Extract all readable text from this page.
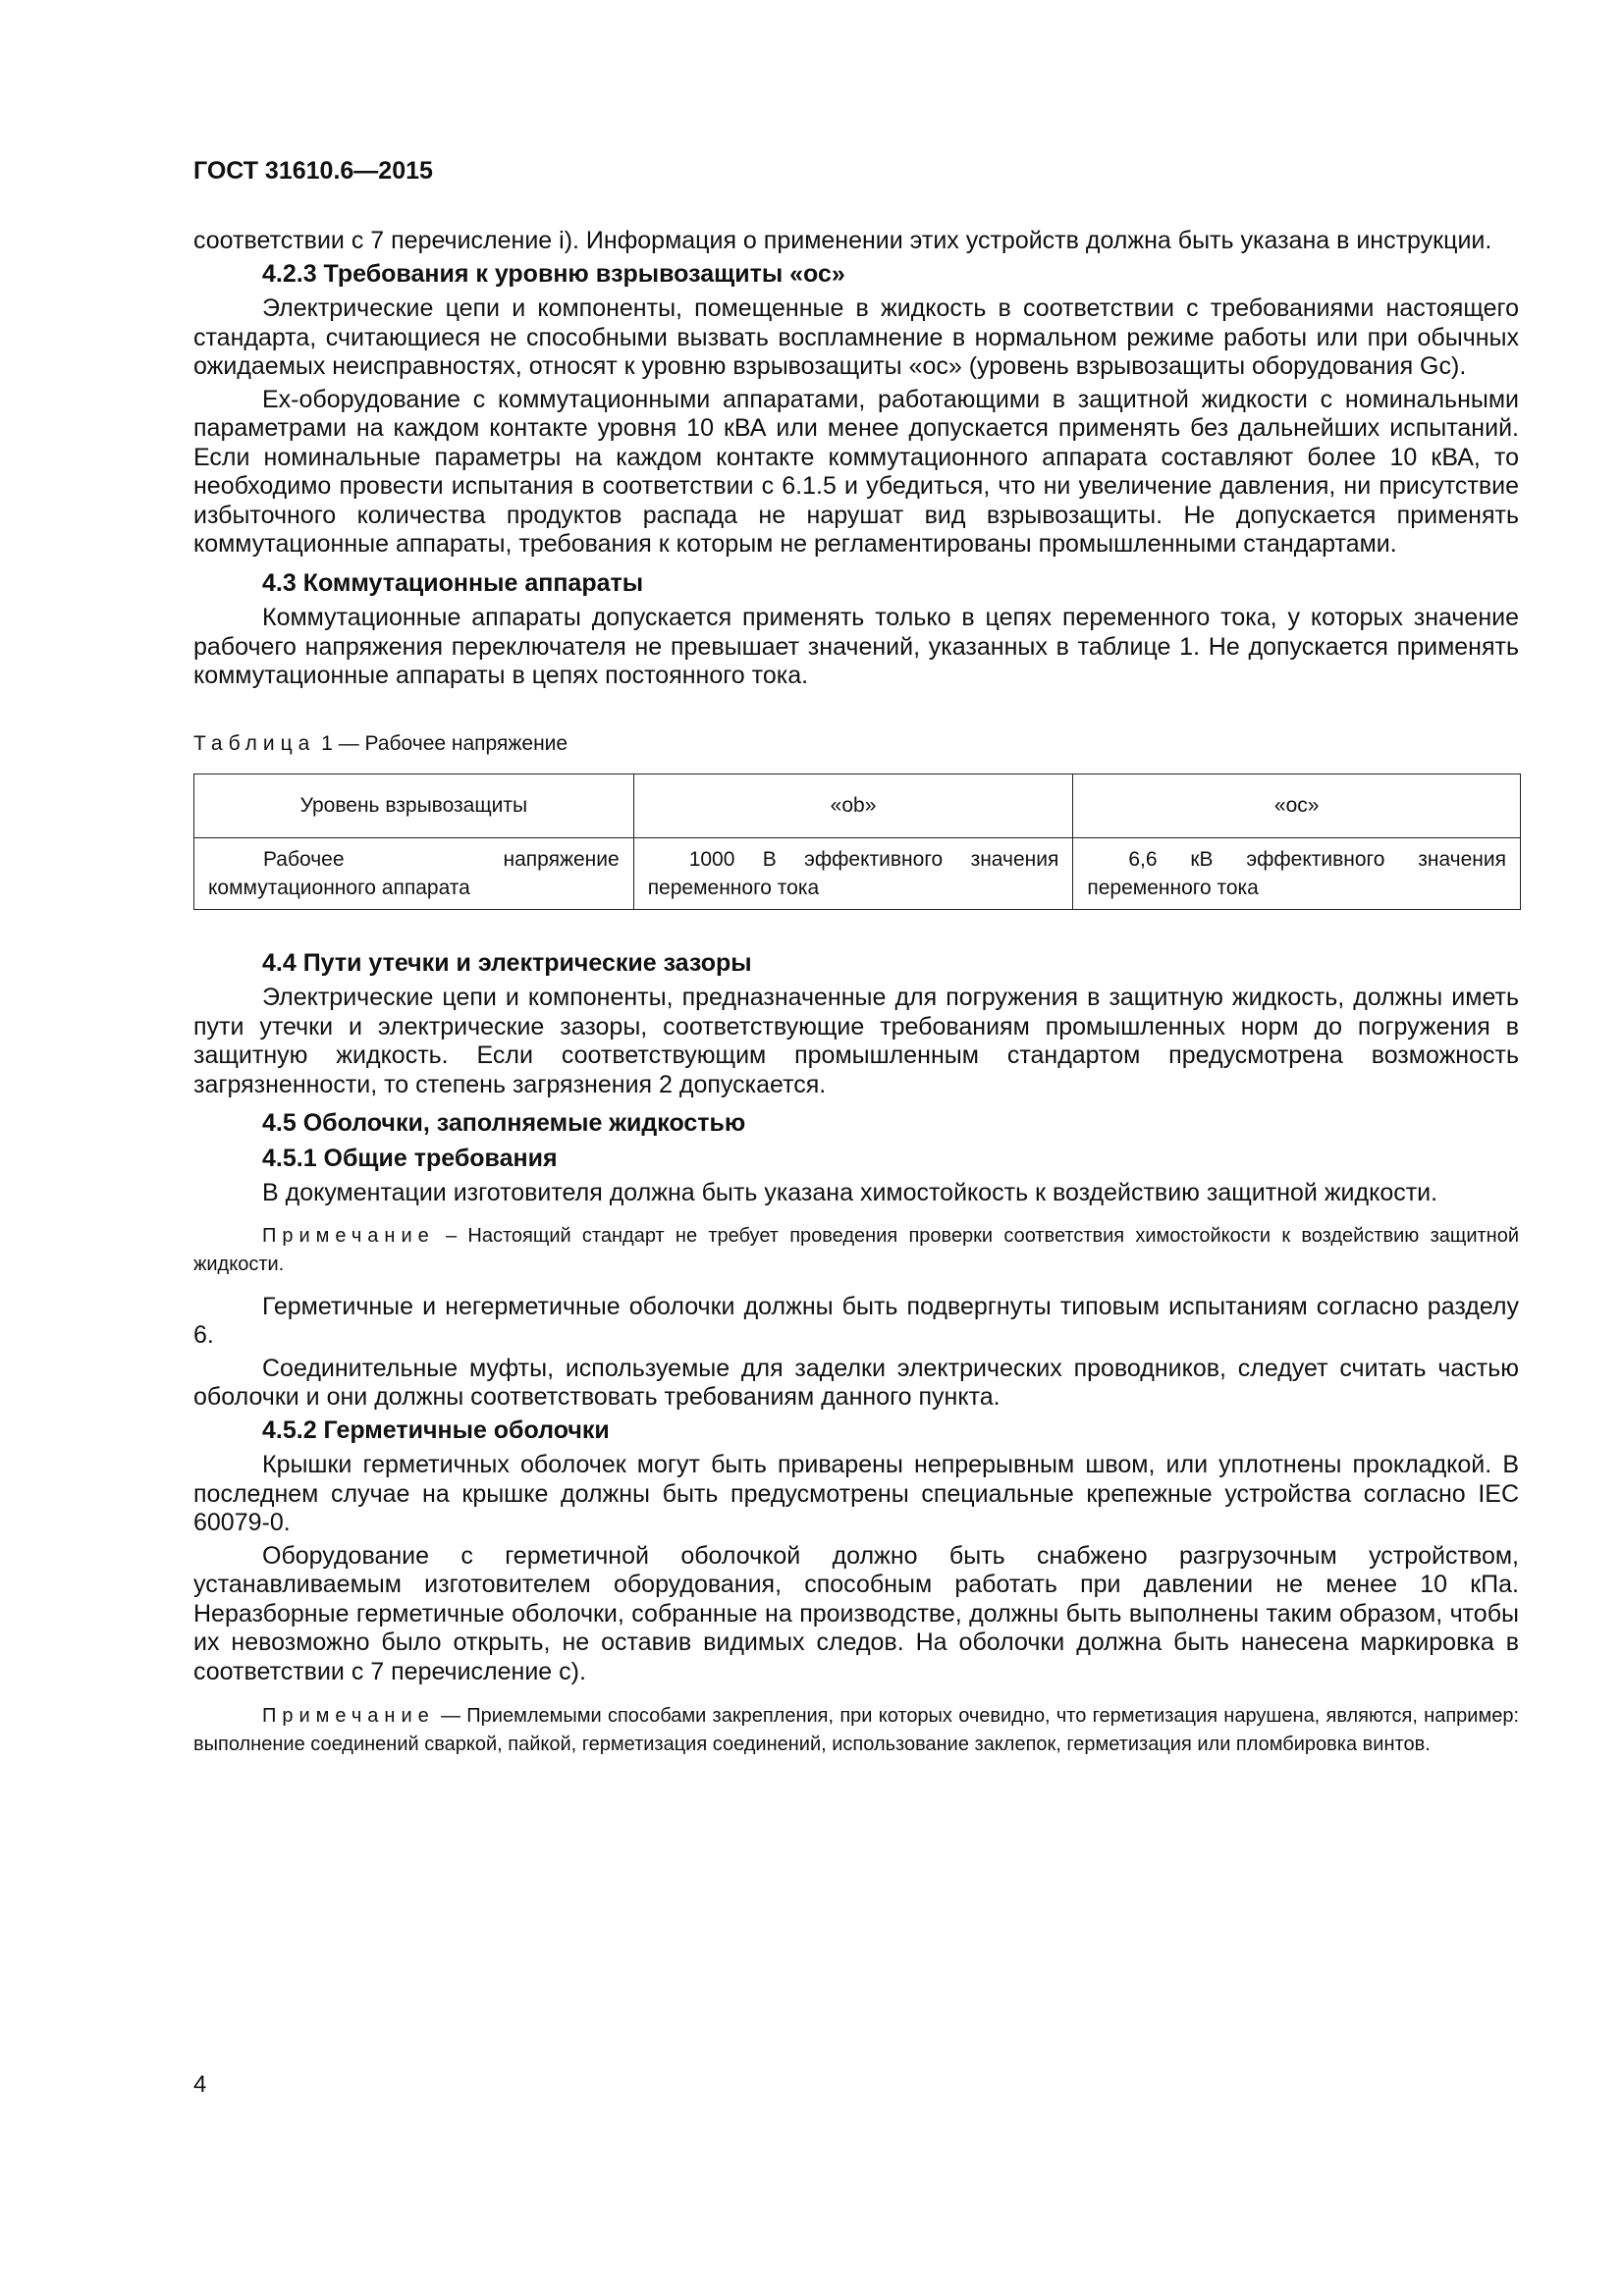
ГОСТ 31610.6—2015

соответствии с 7 перечисление i). Информация о применении этих устройств должна быть указана в инструкции.

4.2.3 Требования к уровню взрывозащиты «ос»

Электрические цепи и компоненты, помещенные в жидкость в соответствии с требованиями настоящего стандарта, считающиеся не способными вызвать воспламнение в нормальном режиме работы или при обычных ожидаемых неисправностях, относят к уровню взрывозащиты «ос» (уровень взрывозащиты оборудования Gc).

Ех-оборудование с коммутационными аппаратами, работающими в защитной жидкости с номинальными параметрами на каждом контакте уровня 10 кВА или менее допускается применять без дальнейших испытаний. Если номинальные параметры на каждом контакте коммутационного аппарата составляют более 10 кВА, то необходимо провести испытания в соответствии с 6.1.5 и убедиться, что ни увеличение давления, ни присутствие избыточного количества продуктов распада не нарушат вид взрывозащиты. Не допускается применять коммутационные аппараты, требования к которым не регламентированы промышленными стандартами.

4.3 Коммутационные аппараты

Коммутационные аппараты допускается применять только в цепях переменного тока, у которых значение рабочего напряжения переключателя не превышает значений, указанных в таблице 1. Не допускается применять коммутационные аппараты в цепях постоянного тока.

Таблица 1 — Рабочее напряжение
Уровень взрывозащиты	«ob»	«oc»
Рабочее напряжение коммутационного аппарата	1000 В эффективного значения переменного тока	6,6 кВ эффективного значения переменного тока
4.4 Пути утечки и электрические зазоры

Электрические цепи и компоненты, предназначенные для погружения в защитную жидкость, должны иметь пути утечки и электрические зазоры, соответствующие требованиям промышленных норм до погружения в защитную жидкость. Если соответствующим промышленным стандартом предусмотрена возможность загрязненности, то степень загрязнения 2 допускается.

4.5 Оболочки, заполняемые жидкостью
4.5.1 Общие требования

В документации изготовителя должна быть указана химостойкость к воздействию защитной жидкости.

Примечание – Настоящий стандарт не требует проведения проверки соответствия химостойкости к воздействию защитной жидкости.

Герметичные и негерметичные оболочки должны быть подвергнуты типовым испытаниям согласно разделу 6.

Соединительные муфты, используемые для заделки электрических проводников, следует считать частью оболочки и они должны соответствовать требованиям данного пункта.

4.5.2 Герметичные оболочки

Крышки герметичных оболочек могут быть приварены непрерывным швом, или уплотнены прокладкой. В последнем случае на крышке должны быть предусмотрены специальные крепежные устройства согласно IEC 60079-0.

Оборудование с герметичной оболочкой должно быть снабжено разгрузочным устройством, устанавливаемым изготовителем оборудования, способным работать при давлении не менее 10 кПа. Неразборные герметичные оболочки, собранные на производстве, должны быть выполнены таким образом, чтобы их невозможно было открыть, не оставив видимых следов. На оболочки должна быть нанесена маркировка в соответствии с 7 перечисление с).

Примечание — Приемлемыми способами закрепления, при которых очевидно, что герметизация нарушена, являются, например: выполнение соединений сваркой, пайкой, герметизация соединений, использование заклепок, герметизация или пломбировка винтов.

4
